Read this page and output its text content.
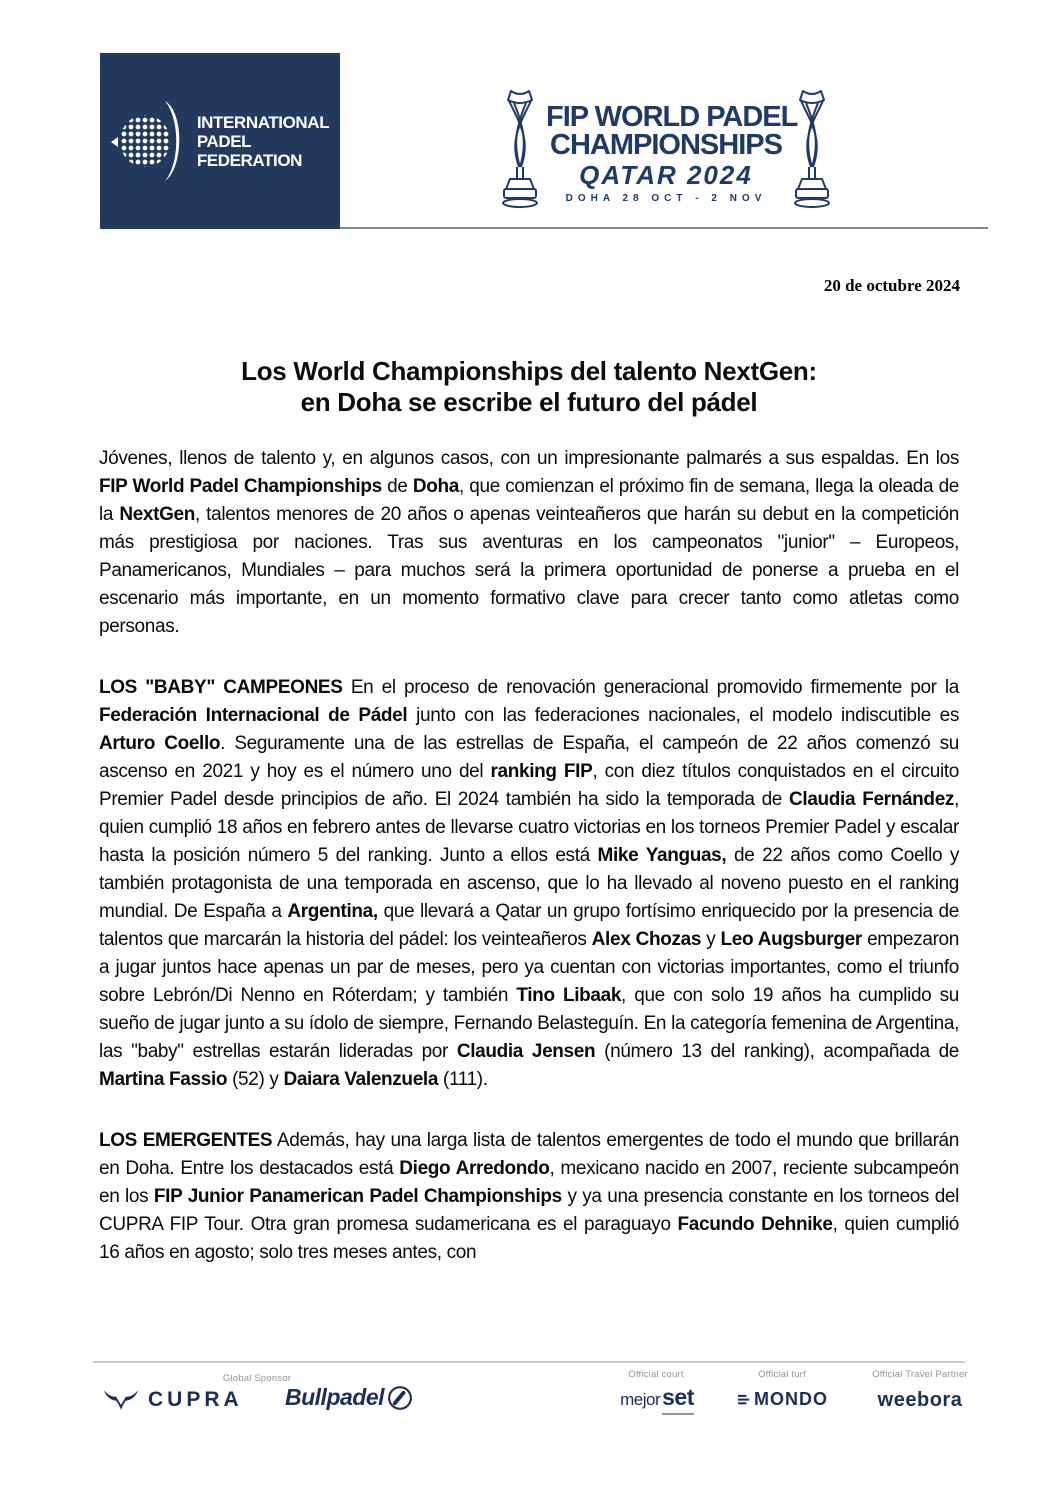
INTERNATIONAL
PADEL
FEDERATION
FIP WORLD PADEL
CHAMPIONSHIPS
QATAR 2024
DOHA 28 OCT - 2 NOV
20 de octubre 2024
Los World Championships del talento NextGen:
en Doha se escribe el futuro del pádel

Jóvenes, llenos de talento y, en algunos casos, con un impresionante palmarés a sus espaldas. En los FIP World Padel Championships de Doha, que comienzan el próximo fin de semana, llega la oleada de la NextGen, talentos menores de 20 años o apenas veinteañeros que harán su debut en la competición más prestigiosa por naciones. Tras sus aventuras en los campeonatos "junior" – Europeos, Panamericanos, Mundiales – para muchos será la primera oportunidad de ponerse a prueba en el escenario más importante, en un momento formativo clave para crecer tanto como atletas como personas.

LOS "BABY" CAMPEONES En el proceso de renovación generacional promovido firmemente por la Federación Internacional de Pádel junto con las federaciones nacionales, el modelo indiscutible es Arturo Coello. Seguramente una de las estrellas de España, el campeón de 22 años comenzó su ascenso en 2021 y hoy es el número uno del ranking FIP, con diez títulos conquistados en el circuito Premier Padel desde principios de año. El 2024 también ha sido la temporada de Claudia Fernández, quien cumplió 18 años en febrero antes de llevarse cuatro victorias en los torneos Premier Padel y escalar hasta la posición número 5 del ranking. Junto a ellos está Mike Yanguas, de 22 años como Coello y también protagonista de una temporada en ascenso, que lo ha llevado al noveno puesto en el ranking mundial. De España a Argentina, que llevará a Qatar un grupo fortísimo enriquecido por la presencia de talentos que marcarán la historia del pádel: los veinteañeros Alex Chozas y Leo Augsburger empezaron a jugar juntos hace apenas un par de meses, pero ya cuentan con victorias importantes, como el triunfo sobre Lebrón/Di Nenno en Róterdam; y también Tino Libaak, que con solo 19 años ha cumplido su sueño de jugar junto a su ídolo de siempre, Fernando Belasteguín. En la categoría femenina de Argentina, las "baby" estrellas estarán lideradas por Claudia Jensen (número 13 del ranking), acompañada de Martina Fassio (52) y Daiara Valenzuela (111).

LOS EMERGENTES Además, hay una larga lista de talentos emergentes de todo el mundo que brillarán en Doha. Entre los destacados está Diego Arredondo, mexicano nacido en 2007, reciente subcampeón en los FIP Junior Panamerican Padel Championships y ya una presencia constante en los torneos del CUPRA FIP Tour. Otra gran promesa sudamericana es el paraguayo Facundo Dehnike, quien cumplió 16 años en agosto; solo tres meses antes, con

Global Sponsor
CUPRA Bullpadel
Official court
mejor set
Official turf
MONDO
Official Travel Partner
weebora
